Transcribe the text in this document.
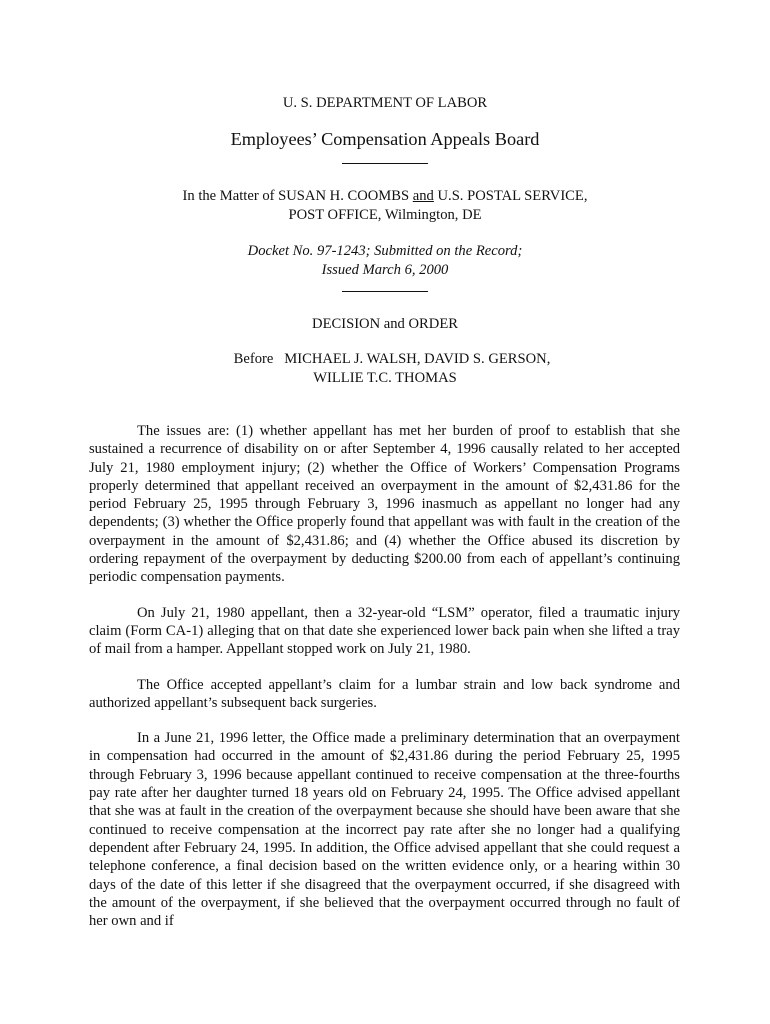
U. S. DEPARTMENT OF LABOR
Employees’ Compensation Appeals Board
In the Matter of SUSAN H. COOMBS and U.S. POSTAL SERVICE,
POST OFFICE, Wilmington, DE
Docket No. 97-1243; Submitted on the Record;
Issued March 6, 2000
DECISION and ORDER
Before   MICHAEL J. WALSH, DAVID S. GERSON,
WILLIE T.C. THOMAS

The issues are: (1) whether appellant has met her burden of proof to establish that she sustained a recurrence of disability on or after September 4, 1996 causally related to her accepted July 21, 1980 employment injury; (2) whether the Office of Workers’ Compensation Programs properly determined that appellant received an overpayment in the amount of $2,431.86 for the period February 25, 1995 through February 3, 1996 inasmuch as appellant no longer had any dependents; (3) whether the Office properly found that appellant was with fault in the creation of the overpayment in the amount of $2,431.86; and (4) whether the Office abused its discretion by ordering repayment of the overpayment by deducting $200.00 from each of appellant’s continuing periodic compensation payments.

On July 21, 1980 appellant, then a 32-year-old “LSM” operator, filed a traumatic injury claim (Form CA-1) alleging that on that date she experienced lower back pain when she lifted a tray of mail from a hamper. Appellant stopped work on July 21, 1980.

The Office accepted appellant’s claim for a lumbar strain and low back syndrome and authorized appellant’s subsequent back surgeries.

In a June 21, 1996 letter, the Office made a preliminary determination that an overpayment in compensation had occurred in the amount of $2,431.86 during the period February 25, 1995 through February 3, 1996 because appellant continued to receive compensation at the three-fourths pay rate after her daughter turned 18 years old on February 24, 1995. The Office advised appellant that she was at fault in the creation of the overpayment because she should have been aware that she continued to receive compensation at the incorrect pay rate after she no longer had a qualifying dependent after February 24, 1995. In addition, the Office advised appellant that she could request a telephone conference, a final decision based on the written evidence only, or a hearing within 30 days of the date of this letter if she disagreed that the overpayment occurred, if she disagreed with the amount of the overpayment, if she believed that the overpayment occurred through no fault of her own and if
